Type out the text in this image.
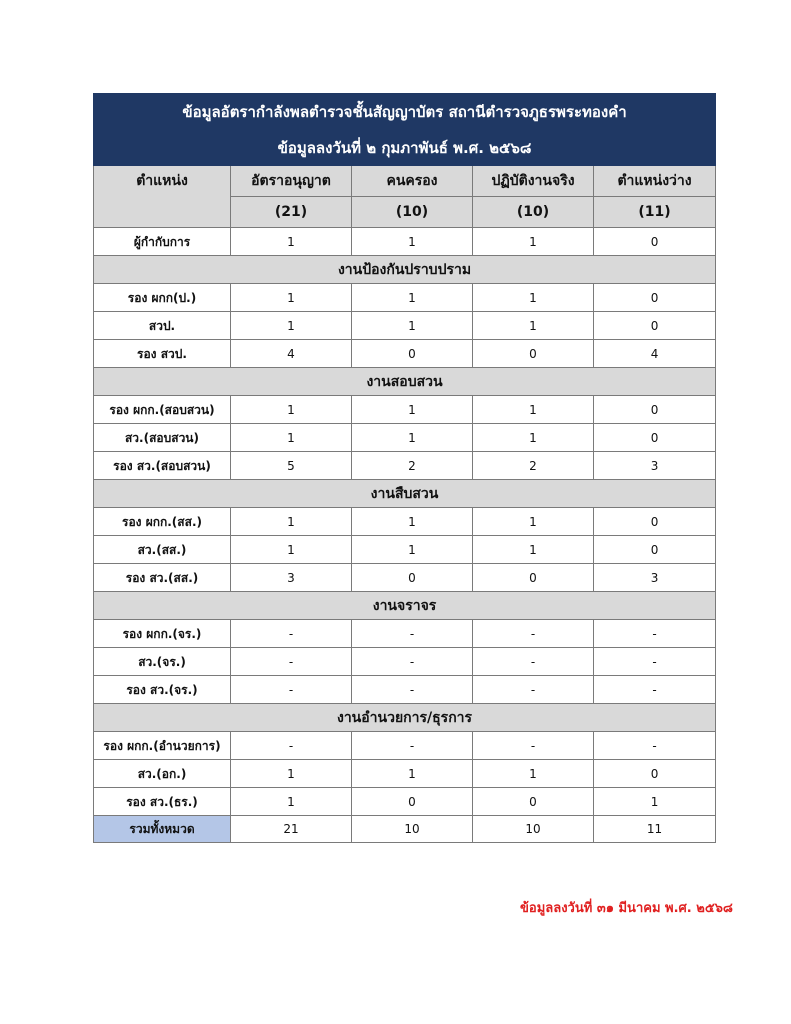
ข้อมูลอัตรากำลังพลตำรวจชั้นสัญญาบัตร สถานีตำรวจภูธรพระทองคำ				
ข้อมูลลงวันที่ ๒ กุมภาพันธ์ พ.ศ. ๒๕๖๘				
ตำแหน่ง	อัตราอนุญาต	คนครอง	ปฏิบัติงานจริง	ตำแหน่งว่าง
	(21)	(10)	(10)	(11)
ผู้กำกับการ	1	1	1	0
งานป้องกันปราบปราม				
รอง ผกก(ป.)	1	1	1	0
สวป.	1	1	1	0
รอง สวป.	4	0	0	4
งานสอบสวน				
รอง ผกก.(สอบสวน)	1	1	1	0
สว.(สอบสวน)	1	1	1	0
รอง สว.(สอบสวน)	5	2	2	3
งานสืบสวน				
รอง ผกก.(สส.)	1	1	1	0
สว.(สส.)	1	1	1	0
รอง สว.(สส.)	3	0	0	3
งานจราจร				
รอง ผกก.(จร.)	-	-	-	-
สว.(จร.)	-	-	-	-
รอง สว.(จร.)	-	-	-	-
งานอำนวยการ/ธุรการ				
รอง ผกก.(อำนวยการ)	-	-	-	-
สว.(อก.)	1	1	1	0
รอง สว.(ธร.)	1	0	0	1
รวมทั้งหมวด	21	10	10	11
ข้อมูลลงวันที่ ๓๑ มีนาคม พ.ศ. ๒๕๖๘
